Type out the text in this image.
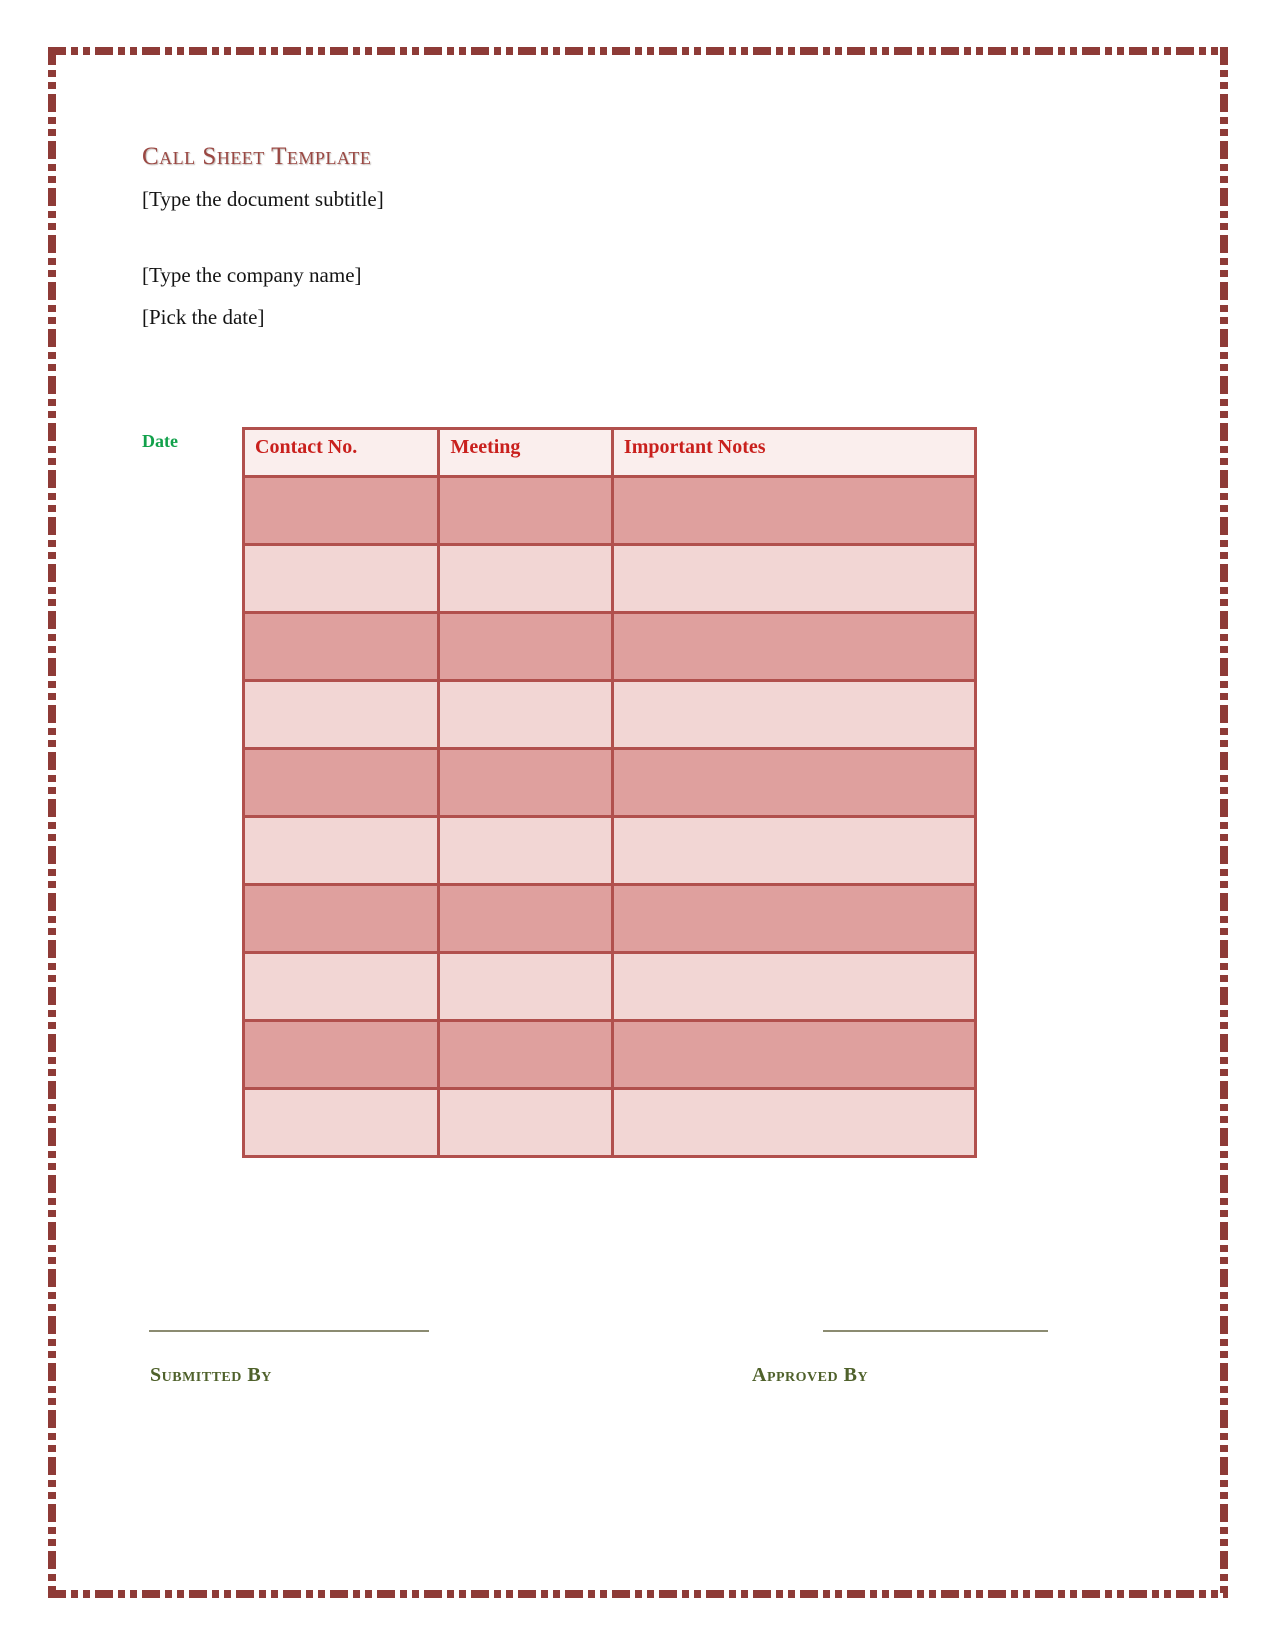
Call Sheet Template
[Type the document subtitle]
[Type the company name]
[Pick the date]
Date	Contact No.	Meeting	Important Notes

Submitted By	Approved By
